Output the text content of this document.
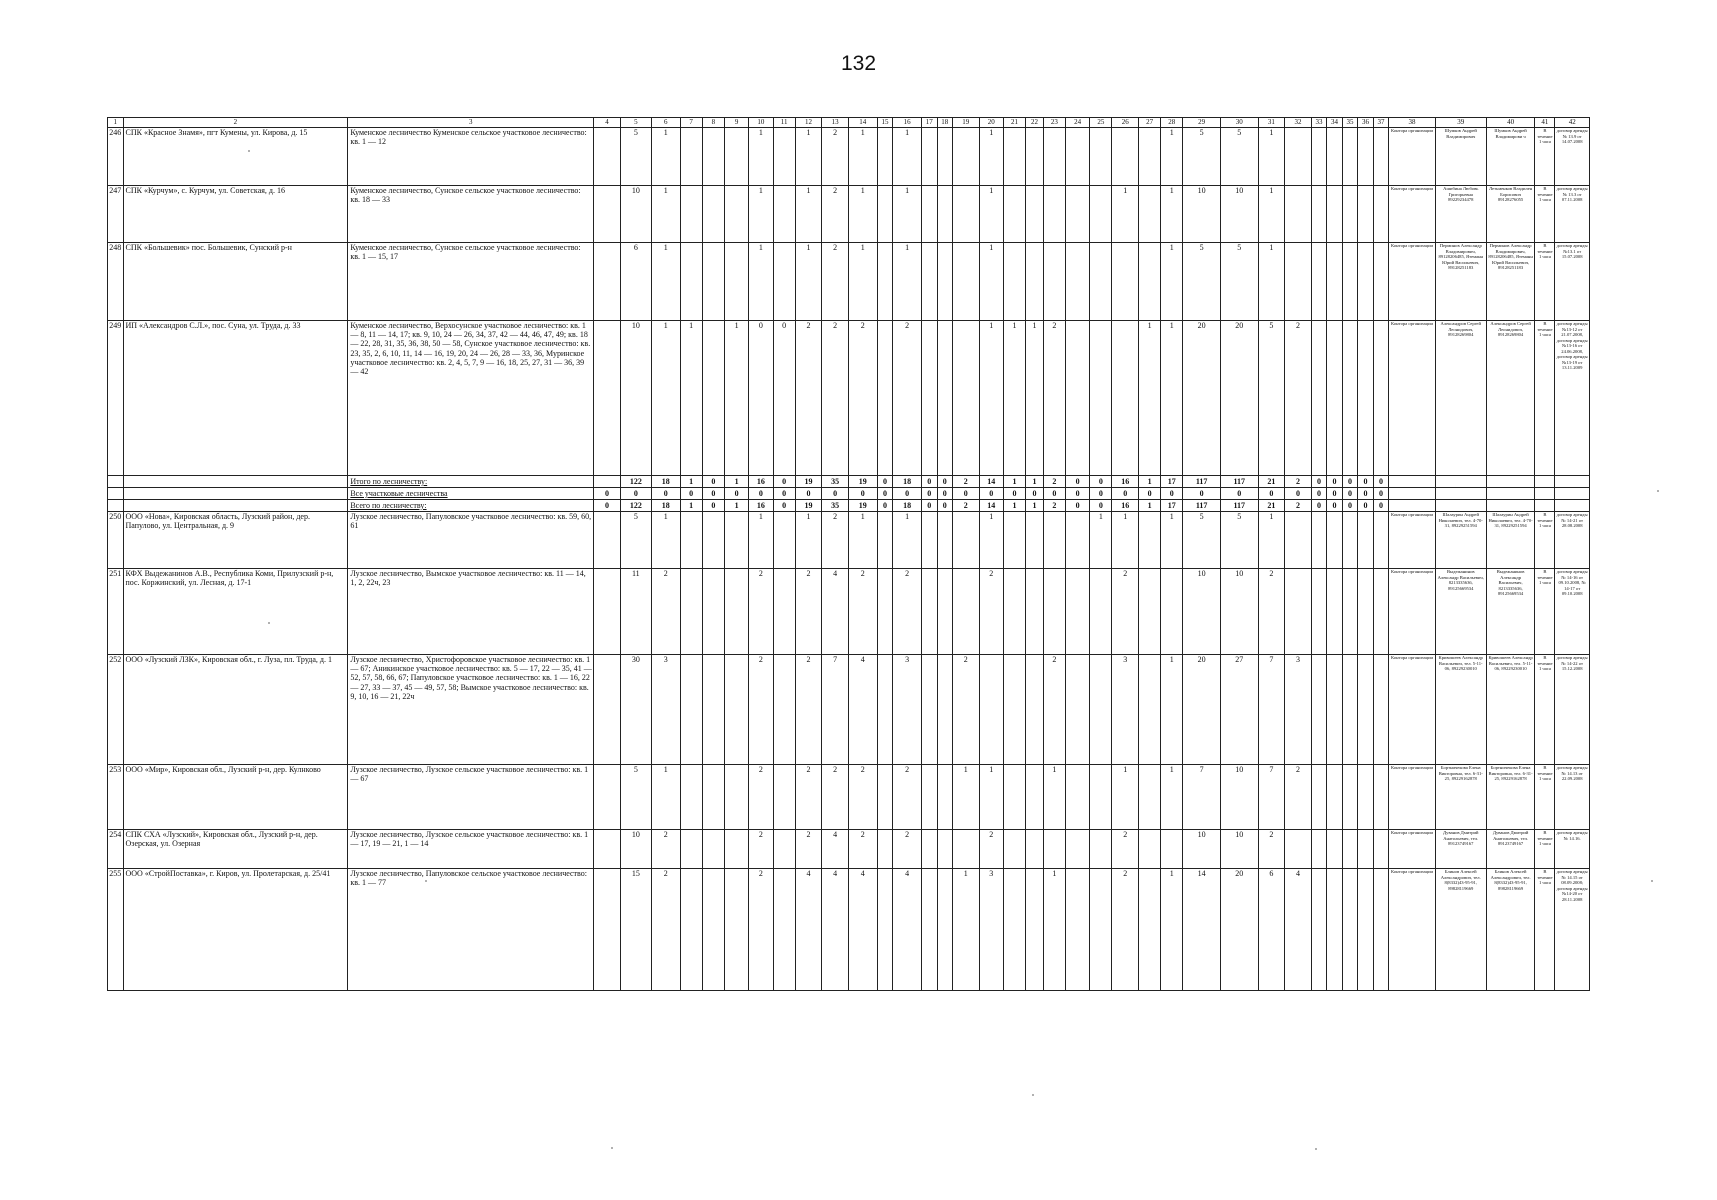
132
1	2	3	4	5	6	7	8	9	10	11	12	13	14	15	16	17	18	19	20	21	22	23	24	25	26	27	28	29	30	31	32	33	34	35	36	37	38	39	40	41	42
246	СПК «Красное Знамя», пгт Кумены, ул. Кирова, д. 15	Куменское лесничество Куменское сельское участковое лесничество: кв. 1 — 12		5	1				1		1	2	1		1				1								1	5	5	1							Контора организации	Шумков Андрей Владимирович	Шумков Андрей Владимирови ч	В течение 1 часа	договор аренды № 13.9 от 14.07.2008
247	СПК «Курчум», с. Курчум, ул. Советская, д. 16	Куменское лесничество, Сунское сельское участковое лесничество: кв. 18 — 33		10	1				1		1	2	1		1				1						1		1	10	10	1							Контора организации	Ашибина Любовь Григорьевна 89229234478	Летьменков Владилен Борисович 89128276055	В течение 1 часа	договор аренды № 13.3 от 07.11.2008
248	СПК «Большевик» пос. Большевик, Сунский р-н	Куменское лесничество, Сунское сельское участковое лесничество: кв. 1 — 15, 17		6	1				1		1	2	1		1				1								1	5	5	1							Контора организации	Перминов Александр Владимирович, 89128206485, Ятеманн Юрий Васильевич, 89128251183	Перминов Александр Владимирович, 89128206485, Ятеманн Юрий Васильевич, 89128251183	В течение 1 часа	договор аренды №13.1 от 15.07.2008
249	ИП «Александров С.Л.», пос. Суна, ул. Труда, д. 33	Куменское лесничество, Верхосунское участковое лесничество: кв. 1 — 8, 11 — 14, 17; кв. 9, 10, 24 — 26, 34, 37, 42 — 44, 46, 47, 49; кв. 18 — 22, 28, 31, 35, 36, 38, 50 — 58, Сунское участковое лесничество: кв. 23, 35, 2, 6, 10, 11, 14 — 16, 19, 20, 24 — 26, 28 — 33, 36, Муринское участковое лесничество: кв. 2, 4, 5, 7, 9 — 16, 18, 25, 27, 31 — 36, 39 — 42		10	1	1		1	0	0	2	2	2		2				1	1	1	2				1	1	20	20	5	2						Контора организации	Александров Сергей Леонидович, 89128269804	Александров Сергей Леонидович, 89128269804	В течение 1 часа	договор аренды №13-12 от 21.07.2008, договор аренды №13-16 от 24.06.2008, договор аренды №13-19 от 13.11.2009
		Итого по лесничеству:		122	18	1	0	1	16	0	19	35	19	0	18	0	0	2	14	1	1	2	0	0	16	1	17	117	117	21	2	0	0	0	0	0					
		Все участковые лесничества	0	0	0	0	0	0	0	0	0	0	0	0	0	0	0	0	0	0	0	0	0	0	0	0	0	0	0	0	0	0	0	0	0	0					
		Всего по лесничеству:	0	122	18	1	0	1	16	0	19	35	19	0	18	0	0	2	14	1	1	2	0	0	16	1	17	117	117	21	2	0	0	0	0	0					
250	ООО «Нова», Кировская область, Лузский район, дер. Папулово, ул. Центральная, д. 9	Лузское лесничество, Папуловское участковое лесничество: кв. 59, 60, 61		5	1				1		1	2	1		1				1					1	1		1	5	5	1							Контора организации	Шалаурин Андрей Николаевич, тел. 4-70-31, 89229251594	Шалаурин Андрей Николаевич, тел. 4-70-31, 89229251594	В течение 1 часа	договор аренды № 14-21 от 28.08.2008
251	КФХ Выдежанинов А.В., Республика Коми, Прилузский р-н, пос. Коржинский, ул. Лесная, д. 17-1	Лузское лесничество, Вымское участковое лесничество: кв. 11 — 14, 1, 2, 22ч, 23		11	2				2		2	4	2		2				2						2			10	10	2							Контора организации	Выдежанинов Александр Васильевич, 8213335636, 89125669534	Выдежанинов Александр Васильевич, 8213335636, 89125669534	В течение 1 часа	договор аренды № 14-16 от 09.10.2008, № 14-17 от 09.10.2008
252	ООО «Лузский ЛЗК», Кировская обл., г. Луза, пл. Труда, д. 1	Лузское лесничество, Христофоровское участковое лесничество: кв. 1 — 67; Аникинское участковое лесничество: кв. 5 — 17, 22 — 35, 41 — 52, 57, 58, 66, 67; Папуловское участковое лесничество: кв. 1 — 16, 22 — 27, 33 — 37, 45 — 49, 57, 58; Вымское участковое лесничество: кв. 9, 10, 16 — 21, 22ч		30	3				2		2	7	4		3			2				2			3		1	20	27	7	3						Контора организации	Кривошеев Александр Васильевич, тел. 5-11-06, 89229230010	Кривошеев Александр Васильевич, тел. 5-11-06, 89229230010	В течение 1 часа	договор аренды № 14-22 от 15.12.2008
253	ООО «Мир», Кировская обл., Лузский р-н, дер. Кулнково	Лузское лесничество, Лузское сельское участковое лесничество: кв. 1 — 67		5	1				2		2	2	2		2			1	1			1			1		1	7	10	7	2						Контора организации	Бортничекова Елена Викторовна, тел. 6-31-25, 89229162878	Бортничекова Елена Викторовна, тел. 6-31-25, 89229162878	В течение 1 часа	договор аренды № 14.13 от 22.09.2008
254	СПК СХА «Лузский», Кировская обл., Лузский р-н, дер. Озерская, ул. Озерная	Лузское лесничество, Лузское сельское участковое лесничество: кв. 1 — 17, 19 — 21, 1 — 14		10	2				2		2	4	2		2				2						2			10	10	2							Контора организации	Дуванов Дмитрий Анатольевич, тел. 89123749167	Дуванов Дмитрий Анатольевич, тел. 89123749167	В течение 1 часа	договор аренды № 14.16.
255	ООО «СтройПоставка», г. Киров, ул. Пролетарская, д. 25/41	Лузское лесничество, Папуловское сельское участковое лесничество: кв. 1 — 77		15	2				2		4	4	4		4			1	3			1			2		1	14	20	6	4						Контора организации	Блинов Алексей Александрович, тел. 8(8332)43-95-91, 89828119669	Блинов Алексей Александрович, тел. 8(8332)43-95-91, 89828119669	В течение 1 часа	договор аренды № 14.15 от 08.09.2008; договор аренды №14-20 от 28.11.2008
